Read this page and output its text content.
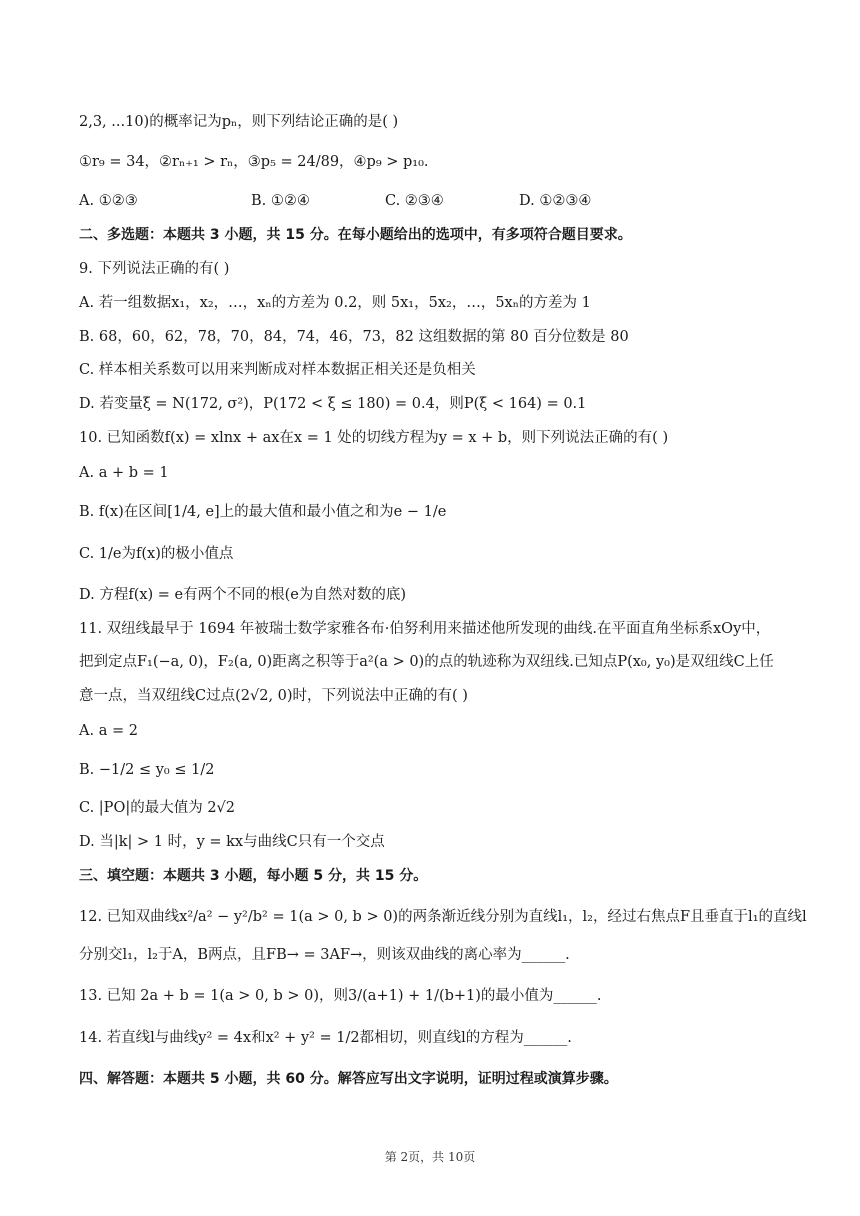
2,3, ...10)的概率记为pₙ，则下列结论正确的是( )
①r₉ = 34，②rₙ₊₁ > rₙ，③p₅ = 24/89，④p₉ > p₁₀.
A. ①②③	B. ①②④	C. ②③④	D. ①②③④
二、多选题：本题共 3 小题，共 15 分。在每小题给出的选项中，有多项符合题目要求。
9. 下列说法正确的有( )
A. 若一组数据x₁，x₂，…，xₙ的方差为 0.2，则 5x₁，5x₂，…，5xₙ的方差为 1
B. 68，60，62，78，70，84，74，46，73，82 这组数据的第 80 百分位数是 80
C. 样本相关系数可以用来判断成对样本数据正相关还是负相关
D. 若变量ξ = N(172, σ²)，P(172 < ξ ≤ 180) = 0.4，则P(ξ < 164) = 0.1
10. 已知函数f(x) = xlnx + ax在x = 1 处的切线方程为y = x + b，则下列说法正确的有( )
A. a + b = 1
B. f(x)在区间[1/4, e]上的最大值和最小值之和为e − 1/e
C. 1/e为f(x)的极小值点
D. 方程f(x) = e有两个不同的根(e为自然对数的底)
11. 双纽线最早于 1694 年被瑞士数学家雅各布·伯努利用来描述他所发现的曲线.在平面直角坐标系xOy中，
把到定点F₁(−a, 0)，F₂(a, 0)距离之积等于a²(a > 0)的点的轨迹称为双纽线.已知点P(x₀, y₀)是双纽线C上任
意一点，当双纽线C过点(2√2, 0)时，下列说法中正确的有( )
A. a = 2
B. −1/2 ≤ y₀ ≤ 1/2
C. |PO|的最大值为 2√2
D. 当|k| > 1 时，y = kx与曲线C只有一个交点
三、填空题：本题共 3 小题，每小题 5 分，共 15 分。
12. 已知双曲线x²/a² − y²/b² = 1(a > 0, b > 0)的两条渐近线分别为直线l₁，l₂，经过右焦点F且垂直于l₁的直线l
分别交l₁，l₂于A，B两点，且FB→ = 3AF→，则该双曲线的离心率为______.
13. 已知 2a + b = 1(a > 0, b > 0)，则3/(a+1) + 1/(b+1)的最小值为______.
14. 若直线l与曲线y² = 4x和x² + y² = 1/2都相切，则直线l的方程为______.
四、解答题：本题共 5 小题，共 60 分。解答应写出文字说明，证明过程或演算步骤。
第 2页，共 10页
